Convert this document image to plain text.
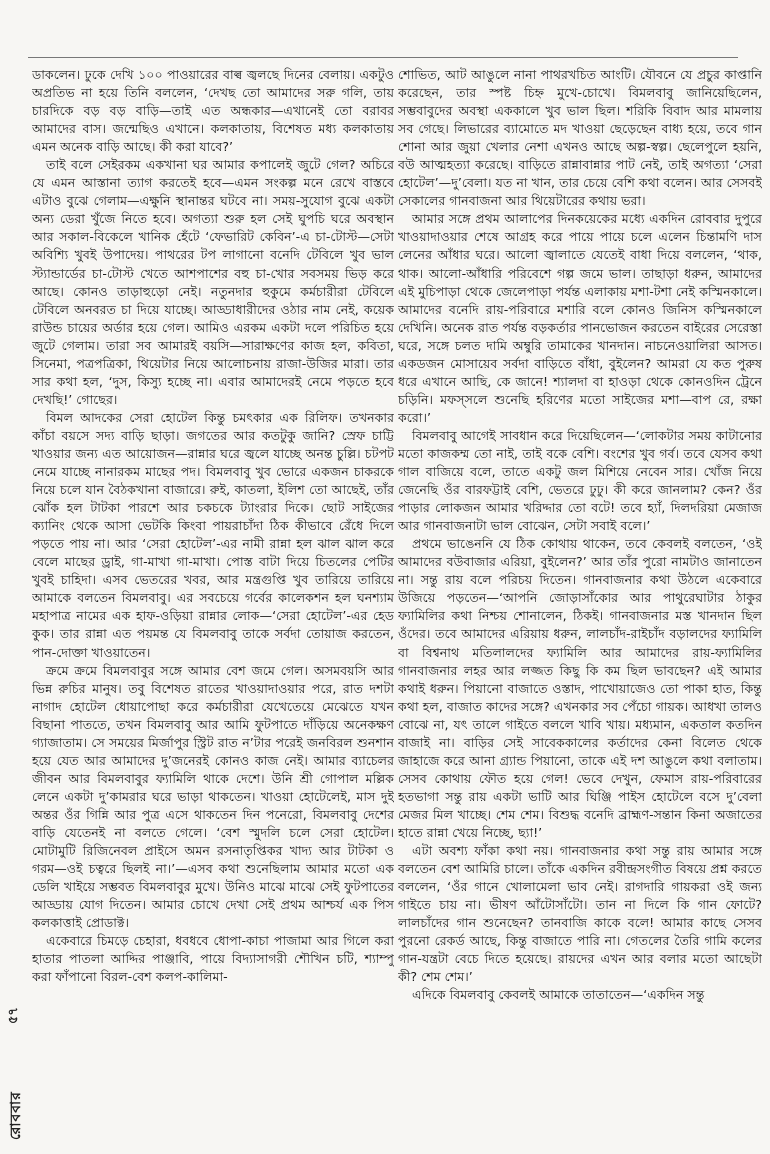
ডাকলেন। ঢুকে দেখি ১০০ পাওয়ারের বাল্ব জ্বলছে দিনের বেলায়। একটুও অপ্রতিভ না হয়ে তিনি বললেন, ‘দেখছ তো আমাদের সরু গলি, তায় চারদিকে বড় বড় বাড়ি—তাই এত অন্ধকার—এখানেই তো বরাবর আমাদের বাস। জন্মেছিও এখানে। কলকাতায়, বিশেষত মধ্য কলকাতায় এমন অনেক বাড়ি আছে। কী করা যাবে?’

তাই বলে সেইরকম একখানা ঘর আমার কপালেই জুটে গেল? অচিরে যে এমন আস্তানা ত্যাগ করতেই হবে—এমন সংকল্প মনে রেখে বাস্তবে এটাও বুঝে গেলাম—এক্ষুনি স্থানান্তর ঘটবে না। সময়-সুযোগ বুঝে একটা অন্য ডেরা খুঁজে নিতে হবে। অগত্যা শুরু হল সেই ঘুপচি ঘরে অবস্থান আর সকাল-বিকেলে খানিক হেঁটে ‘ফেভারিট কেবিন’-এ চা-টোস্ট—সেটা অবিশ্যি খুবই উপাদেয়। পাথরের টপ লাগানো বনেদি টেবিলে খুব ভাল স্ট্যান্ডার্ডের চা-টোস্ট খেতে আশপাশের বহু চা-খোর সবসময় ভিড় করে আছে। কোনও তাড়াহুড়ো নেই। নতুনদার হুকুমে কর্মচারীরা টেবিলে টেবিলে অনবরত চা দিয়ে যাচ্ছে। আড্ডাধারীদের ওঠার নাম নেই, কয়েক রাউন্ড চায়ের অর্ডার হয়ে গেল। আমিও এরকম একটা দলে পরিচিত হয়ে জুটে গেলাম। তারা সব আমারই বয়সি—সারাক্ষণের কাজ হল, কবিতা, সিনেমা, পত্রপত্রিকা, থিয়েটার নিয়ে আলোচনায় রাজা-উজির মারা। তার সার কথা হল, ‘দুস, কিস্যু হচ্ছে না। এবার আমাদেরই নেমে পড়তে হবে দেখছি!’ গোছের।

বিমল আদকের সেরা হোটেল কিন্তু চমৎকার এক রিলিফ। তখনকার কাঁচা বয়সে সদ্য বাড়ি ছাড়া। জগতের আর কতটুকু জানি? স্রেফ চাট্টি খাওয়ার জন্য এত আয়োজন—রান্নার ঘরে জ্বলে যাচ্ছে অনন্ত চুল্লি। চটপট নেমে যাচ্ছে নানারকম মাছের পদ। বিমলবাবু খুব ভোরে একজন চাকরকে নিয়ে চলে যান বৈঠকখানা বাজারে। রুই, কাতলা, ইলিশ তো আছেই, তাঁর ঝোঁক হল টাটকা পারশে আর চকচকে ট্যাংরার দিকে। ছোট সাইজের ক্যানিং থেকে আসা ভেটকি কিংবা পায়রাচাঁদা ঠিক কীভাবে রেঁধে দিলে পড়তে পায় না। আর ‘সেরা হোটেল’-এর নামী রান্না হল ঝাল ঝাল করে বেলে মাছের ড্রাই, গা-মাখা গা-মাখা। পোস্ত বাটা দিয়ে চিতলের পেটির খুবই চাহিদা। এসব ভেতরের খবর, আর মন্ত্রগুপ্তি খুব তারিয়ে তারিয়ে আমাকে বলতেন বিমলবাবু। এর সবচেয়ে গর্বের কালেকশন হল ঘনশ্যাম মহাপাত্র নামের এক হাফ-ওড়িয়া রান্নার লোক—‘সেরা হোটেল’-এর হেড কুক। তার রান্না এত পয়মন্ত যে বিমলবাবু তাকে সর্বদা তোয়াজ করতেন, পান-দোক্তা খাওয়াতেন।

ক্রমে ক্রমে বিমলবাবুর সঙ্গে আমার বেশ জমে গেল। অসমবয়সি আর ভিন্ন রুচির মানুষ। তবু বিশেষত রাতের খাওয়াদাওয়ার পরে, রাত দশটা নাগাদ হোটেল ধোয়াপোছা করে কর্মচারীরা যেখেতেয়ে মেঝেতে যখন বিছানা পাততে, তখন বিমলবাবু আর আমি ফুটপাতে দাঁড়িয়ে অনেকক্ষণ গ্যাজাতাম। সে সময়ের মির্জাপুর স্ট্রিট রাত ন’টার পরেই জনবিরল শুনশান হয়ে যেত আর আমাদের দু’জনেরই কোনও কাজ নেই। আমার ব্যাচেলর জীবন আর বিমলবাবুর ফ্যামিলি থাকে দেশে। উনি শ্রী গোপাল মল্লিক লেনে একটা দু’কামরার ঘরে ভাড়া থাকতেন। খাওয়া হোটেলেই, মাস দুই অন্তর ওঁর গিন্নি আর পুত্র এসে থাকতেন দিন পনেরো, বিমলবাবু দেশের বাড়ি যেতেনই না বলতে গেলে। ‘বেশ স্মুদলি চলে সেরা হোটেল। মোটামুটি রিজিনেবল প্রাইসে অমন রসনাতৃপ্তিকর খাদ্য আর টাটকা ও গরম—ওই চত্বরে ছিলই না।’—এসব কথা শুনেছিলাম আমার মতো এক ডেলি খাইয়ে সম্ভবত বিমলবাবুর মুখে। উনিও মাঝে মাঝে সেই ফুটপাতের আড্ডায় যোগ দিতেন। আমার চোখে দেখা সেই প্রথম আশ্চর্য এক পিস কলকাত্তাই প্রোডাক্ট।

একেবারে চিমড়ে চেহারা, ধবধবে ধোপা-কাচা পাজামা আর গিলে করা হাতার পাতলা আদ্দির পাঞ্জাবি, পায়ে বিদ্যাসাগরী শৌখিন চটি, শ্যাম্পু করা ফাঁপানো বিরল-বেশ কলপ-কালিমা-

শোভিত, আট আঙুলে নানা পাথরখচিত আংটি। যৌবনে যে প্রচুর কাপ্তানি করেছেন, তার স্পষ্ট চিহ্ন মুখে-চোখে। বিমলবাবু জানিয়েছিলেন, সম্ভবাবুদের অবস্থা এককালে খুব ভাল ছিল। শরিকি বিবাদ আর মামলায় সব গেছে। লিভারের ব্যামোতে মদ খাওয়া ছেড়েছেন বাধ্য হয়ে, তবে গান শোনা আর জুয়া খেলার নেশা এখনও আছে অল্প-স্বল্প। ছেলেপুলে হয়নি, বউ আত্মহত্যা করেছে। বাড়িতে রান্নাবান্নার পাট নেই, তাই অগত্যা ‘সেরা হোটেল’—দু’বেলা। যত না খান, তার চেয়ে বেশি কথা বলেন। আর সেসবই সেকালের গানবাজনা আর থিয়েটারের কথায় ভরা।

আমার সঙ্গে প্রথম আলাপের দিনকয়েকের মধ্যে একদিন রোববার দুপুরে খাওয়াদাওয়ার শেষে আগ্রহ করে পায়ে পায়ে চলে এলেন চিন্তামণি দাস লেনের আঁধার ঘরে। আলো জ্বালাতে যেতেই বাধা দিয়ে বললেন, ‘থাক, থাক। আলো-আঁধারি পরিবেশে গল্প জমে ভাল। তাছাড়া ধরুন, আমাদের এই মুচিপাড়া থেকে জেলেপাড়া পর্যন্ত এলাকায় মশা-টশা নেই কস্মিনকালে। আমাদের বনেদি রায়-পরিবারে মশারি বলে কোনও জিনিস কস্মিনকালে দেখিনি। অনেক রাত পর্যন্ত বড়কর্তার পানভোজন করতেন বাইরের সেরেস্তা ঘরে, সঙ্গে চলত দামি অম্বুরি তামাকের খানদান। নাচনেওয়ালিরা আসত। একডজন মোসায়েব সর্বদা বাড়িতে বাঁধা, বুইলেন? আমরা যে কত পুরুষ ধরে এখানে আছি, কে জানে! শ্যালদা বা হাওড়া থেকে কোনওদিন ট্রেনে চড়িনি। মফস্সলে শুনেছি হরিণের মতো সাইজের মশা—বাপ রে, রক্ষা করো।’

বিমলবাবু আগেই সাবধান করে দিয়েছিলেন—‘লোকটার সময় কাটানোর মতো কাজকম্ম তো নাই, তাই বকে বেশি। বংশের খুব গর্ব। তবে যেসব কথা গাল বাজিয়ে বলে, তাতে একটু জল মিশিয়ে নেবেন সার। খোঁজ নিয়ে জেনেছি ওঁর বারফট্টাই বেশি, ভেতরে ঢুঢু। কী করে জানলাম? কেন? ওঁর পাড়ার লোকজন আমার খরিদ্দার তো বটে! তবে হ্যাঁ, দিলদরিয়া মেজাজ আর গানবাজনাটা ভাল বোঝেন, সেটা সবাই বলে।’

প্রথমে ভাঙেননি যে ঠিক কোথায় থাকেন, তবে কেবলই বলতেন, ‘ওই আমাদের বউবাজার এরিয়া, বুইলেন?’ আর তাঁর পুরো নামটাও জানাতেন না। সন্তু রায় বলে পরিচয় দিতেন। গানবাজনার কথা উঠলে একেবারে উজিয়ে পড়তেন—‘আপনি জোড়াসাঁকোর আর পাথুরেঘাটার ঠাকুর ফ্যামিলির কথা নিশ্চয় শোনালেন, ঠিকই। গানবাজনার মস্ত খানদান ছিল ওঁদের। তবে আমাদের এরিয়ায় ধরুন, লালচাঁদ-রাইচাঁদ বড়ালদের ফ্যামিলি বা বিশ্বনাথ মতিলালদের ফ্যামিলি আর আমাদের রায়-ফ্যামিলির গানবাজনার লহর আর লজ্জত কিছু কি কম ছিল ভাবছেন? এই আমার কথাই ধরুন। পিয়ানো বাজাতে ওস্তাদ, পাখোয়াজেও তো পাকা হাত, কিন্তু কথা হল, বাজাত কাদের সঙ্গে? এখনকার সব পেঁচো গায়ক। আধখা তালও বোঝে না, যৎ তালে গাইতে বললে খাবি খায়। মধ্যমান, একতাল কতদিন বাজাই না। বাড়ির সেই সাবেককালের কর্তাদের কেনা বিলেত থেকে জাহাজে করে আনা গ্র্যান্ড পিয়ানো, তাকে এই দশ আঙুলে কথা বলাতাম। সেসব কোথায় ফৌত হয়ে গেল! ভেবে দেখুন, ফেমাস রায়-পরিবারের হতভাগা সন্তু রায় একটা ভাটি আর ঘিঞ্জি পাইস হোটেলে বসে দু’বেলা মেজর মিল খাচ্ছে। শেম শেম। বিশুদ্ধ বনেদি ব্রাহ্মণ-সন্তান কিনা অজাতের হাতে রান্না খেয়ে নিচ্ছে, ছ্যা!’

এটা অবশ্য ফাঁকা কথা নয়। গানবাজনার কথা সন্তু রায় আমার সঙ্গে বলতেন বেশ আমিরি চালে। তাঁকে একদিন রবীন্দ্রসংগীত বিষয়ে প্রশ্ন করতে বললেন, ‘ওঁর গানে খোলামেলা ভাব নেই। রাগদারি গায়করা ওই জন্য গাইতে চায় না। ভীষণ আঁটোসাঁটো। তান না দিলে কি গান ফোটে? লালচাঁদের গান শুনেছেন? তানবাজি কাকে বলে! আমার কাছে সেসব পুরনো রেকর্ড আছে, কিন্তু বাজাতে পারি না। গেতলের তৈরি গামি কলের গান-যন্ত্রটা বেচে দিতে হয়েছে। রায়দের এখন আর বলার মতো আছেটা কী? শেম শেম।’

এদিকে বিমলবাবু কেবলই আমাকে তাতাতেন—‘একদিন সন্তু

৫৭
রোববার
